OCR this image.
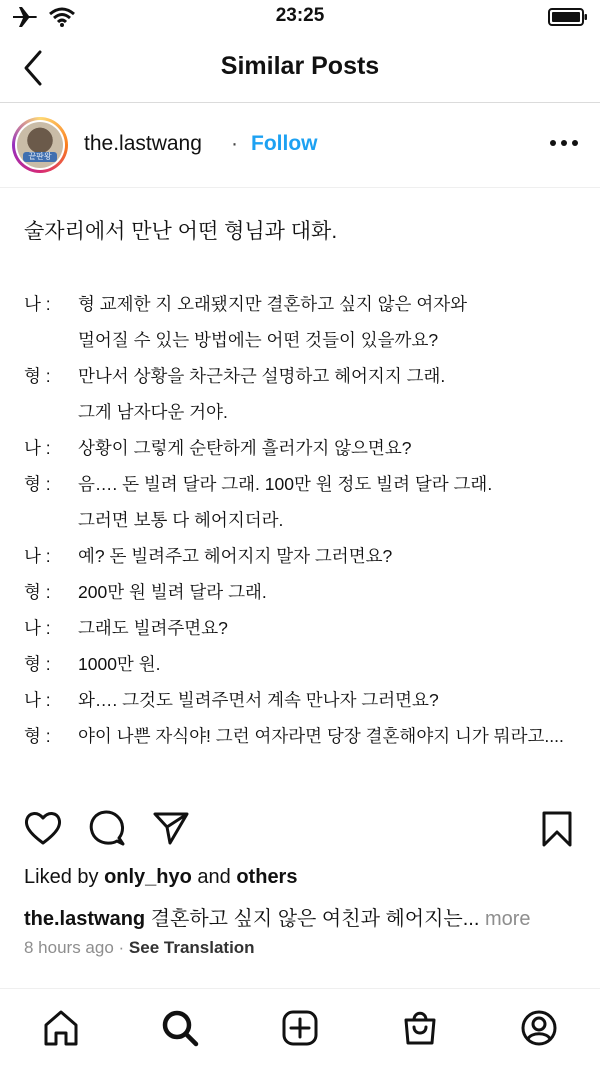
23:25
Similar Posts
끝판왕
the.lastwang · Follow

술자리에서 만난 어떤 형님과 대화.

나 :	형 교제한 지 오래됐지만 결혼하고 싶지 않은 여자와
멀어질 수 있는 방법에는 어떤 것들이 있을까요?
형 :	만나서 상황을 차근차근 설명하고 헤어지지 그래.
그게 남자다운 거야.
나 :	상황이 그렇게 순탄하게 흘러가지 않으면요?
형 :	음…. 돈 빌려 달라 그래. 100만 원 정도 빌려 달라 그래.
그러면 보통 다 헤어지더라.
나 :	예? 돈 빌려주고 헤어지지 말자 그러면요?
형 :	200만 원 빌려 달라 그래.
나 :	그래도 빌려주면요?
형 :	1000만 원.
나 :	와…. 그것도 빌려주면서 계속 만나자 그러면요?
형 :	야이 나쁜 자식야! 그런 여자라면 당장 결혼해야지 니가 뭐라고....
Liked by only_hyo and others
the.lastwang 결혼하고 싶지 않은 여친과 헤어지는... more
8 hours ago · See Translation
